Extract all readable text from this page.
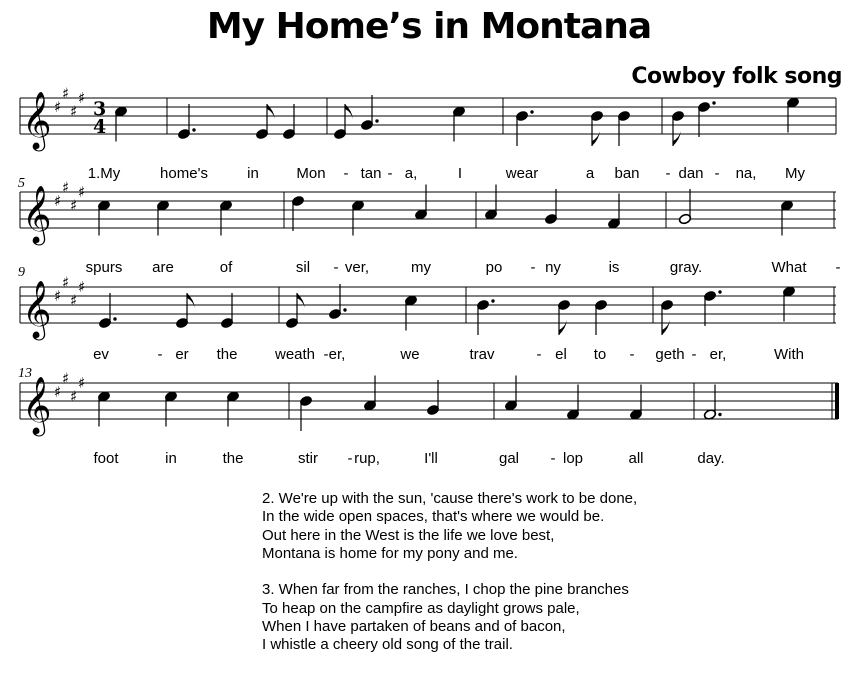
My Home’s in Montana
Cowboy folk song
𝄞 ♯
♯
♯
♯ 3
4
1.My	home's	in	Mon - tan - a,	I	wear	a ban - dan - na, My
𝄞 ♯
♯
♯
♯
5
spurs are	of	sil - ver,	my	po - ny	is	gray.	What -
𝄞 ♯
♯
♯
♯
9
ev	- er the	weath - er,	we	trav	- el to - geth - er,	With
𝄞 ♯
♯
♯
♯
13
foot	in	the	stir - rup,	I'll	gal - lop	all	day.
2. We're up with the sun, 'cause there's work to be done,
In the wide open spaces, that's where we would be.
Out here in the West is the life we love best,
Montana is home for my pony and me.
3. When far from the ranches, I chop the pine branches
To heap on the campfire as daylight grows pale,
When I have partaken of beans and of bacon,
I whistle a cheery old song of the trail.
